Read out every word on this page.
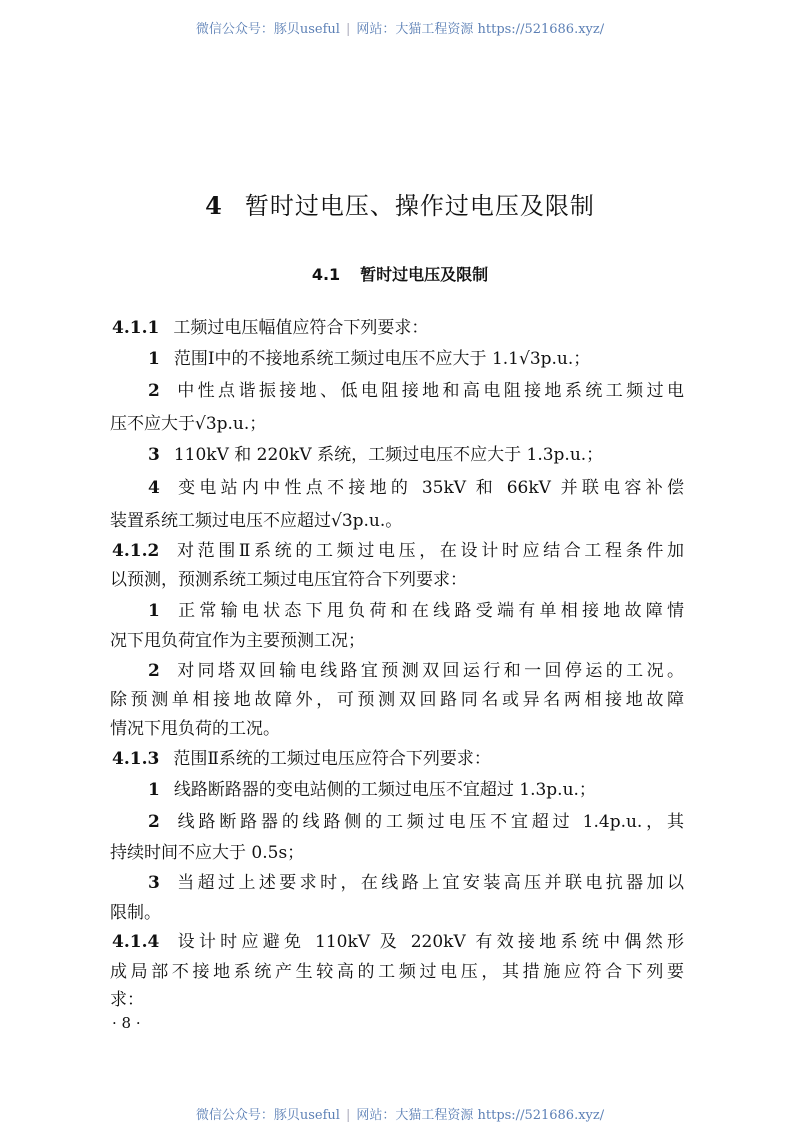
微信公众号：豚贝useful | 网站：大猫工程资源 https://521686.xyz/
4 暂时过电压、操作过电压及限制
4.1 暂时过电压及限制
4.1.1 工频过电压幅值应符合下列要求：
1 范围Ⅰ中的不接地系统工频过电压不应大于 1.1√3p.u.；
2 中性点谐振接地、低电阻接地和高电阻接地系统工频过电
压不应大于√3p.u.；
3 110kV 和 220kV 系统，工频过电压不应大于 1.3p.u.；
4 变电站内中性点不接地的 35kV 和 66kV 并联电容补偿
装置系统工频过电压不应超过√3p.u.。
4.1.2 对范围Ⅱ系统的工频过电压，在设计时应结合工程条件加
以预测，预测系统工频过电压宜符合下列要求：
1 正常输电状态下甩负荷和在线路受端有单相接地故障情
况下甩负荷宜作为主要预测工况；
2 对同塔双回输电线路宜预测双回运行和一回停运的工况。
除预测单相接地故障外，可预测双回路同名或异名两相接地故障
情况下甩负荷的工况。
4.1.3 范围Ⅱ系统的工频过电压应符合下列要求：
1 线路断路器的变电站侧的工频过电压不宜超过 1.3p.u.；
2 线路断路器的线路侧的工频过电压不宜超过 1.4p.u.，其
持续时间不应大于 0.5s；
3 当超过上述要求时，在线路上宜安装高压并联电抗器加以
限制。
4.1.4 设计时应避免 110kV 及 220kV 有效接地系统中偶然形
成局部不接地系统产生较高的工频过电压，其措施应符合下列要
求：
· 8 ·
微信公众号：豚贝useful | 网站：大猫工程资源 https://521686.xyz/
